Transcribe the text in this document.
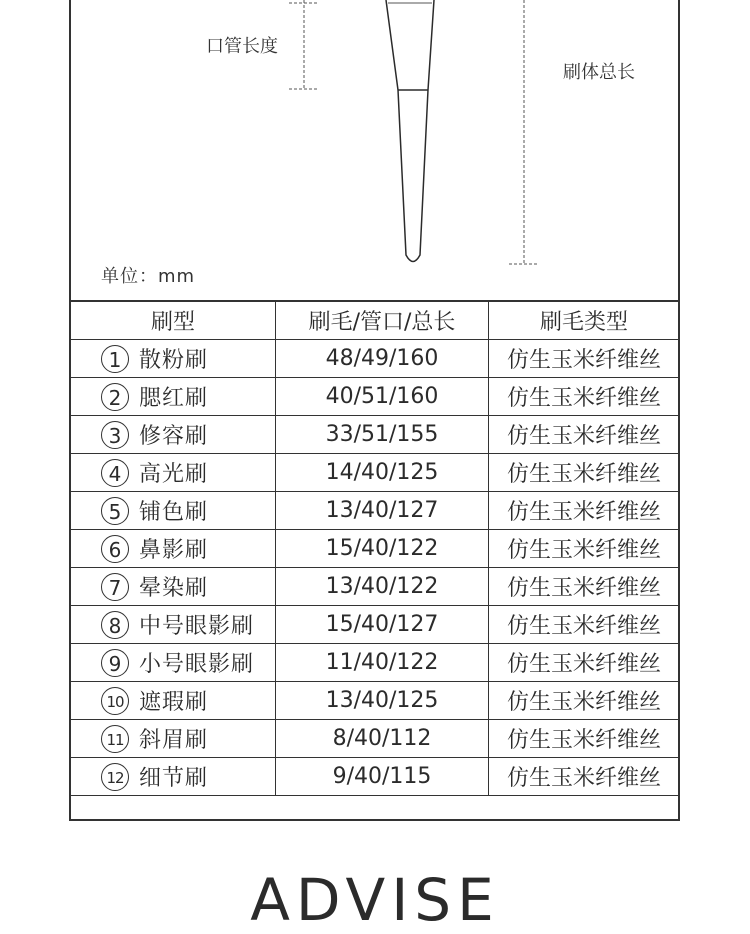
口管长度
刷体总长
单位：mm
刷型	刷毛/管口/总长	刷毛类型
1 散粉刷	48/49/160	仿生玉米纤维丝
2 腮红刷	40/51/160	仿生玉米纤维丝
3 修容刷	33/51/155	仿生玉米纤维丝
4 高光刷	14/40/125	仿生玉米纤维丝
5 铺色刷	13/40/127	仿生玉米纤维丝
6 鼻影刷	15/40/122	仿生玉米纤维丝
7 晕染刷	13/40/122	仿生玉米纤维丝
8 中号眼影刷	15/40/127	仿生玉米纤维丝
9 小号眼影刷	11/40/122	仿生玉米纤维丝
10 遮瑕刷	13/40/125	仿生玉米纤维丝
11 斜眉刷	8/40/112	仿生玉米纤维丝
12 细节刷	9/40/115	仿生玉米纤维丝
ADVISE
